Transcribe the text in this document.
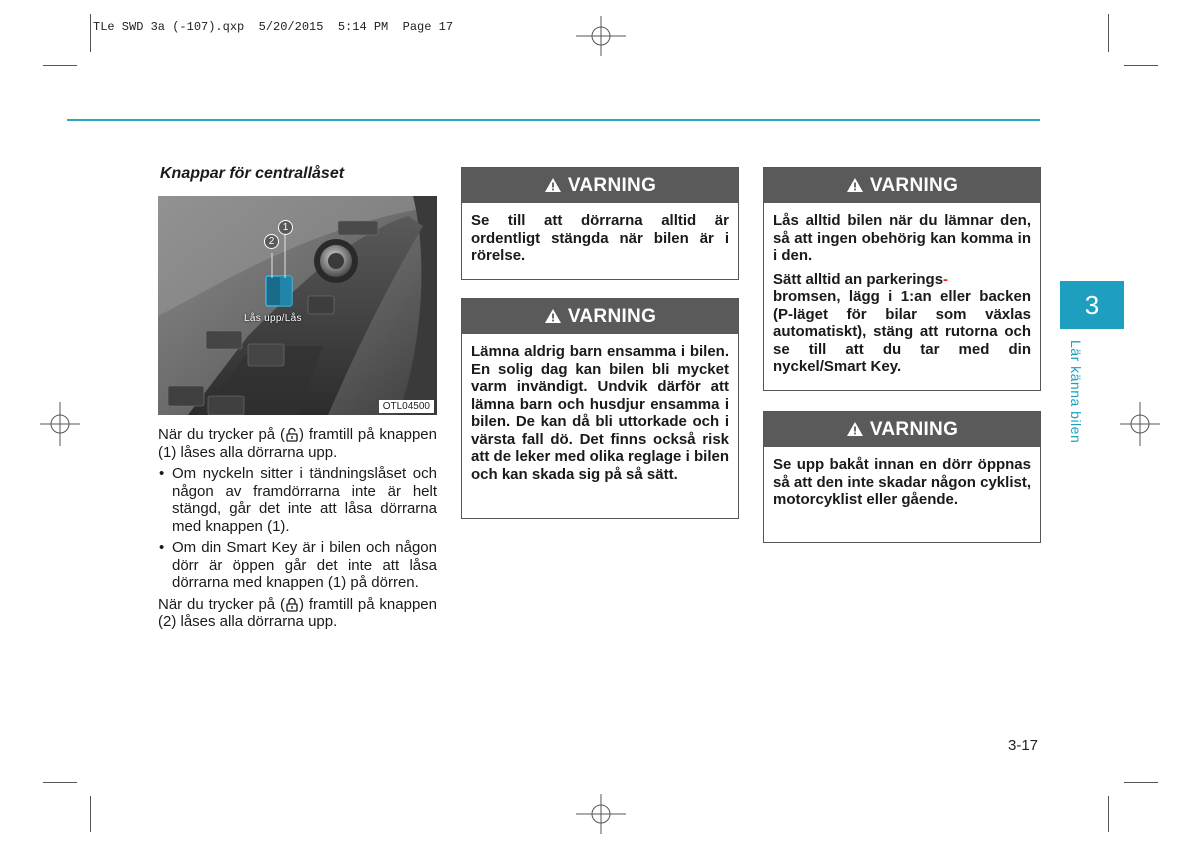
TLe SWD 3a (-107).qxp  5/20/2015  5:14 PM  Page 17
Knappar för centrallåset
1
2
Lås upp/Lås
OTL04500

När du trycker på ( ) framtill på knappen (1) låses alla dörrarna upp.

• Om nyckeln sitter i tändningslåset och någon av framdörrarna inte är helt stängd, går det inte att låsa dörrarna med knappen (1).
• Om din Smart Key är i bilen och någon dörr är öppen går det inte att låsa dörrarna med knappen (1) på dörren.

När du trycker på ( ) framtill på knappen (2) låses alla dörrarna upp.

VARNING

Se till att dörrarna alltid är ordentligt stängda när bilen är i rörelse.

VARNING

Lämna aldrig barn ensamma i bilen. En solig dag kan bilen bli mycket varm invändigt. Undvik därför att lämna barn och husdjur ensamma i bilen. De kan då bli uttorkade och i värsta fall dö. Det finns också risk att de leker med olika reglage i bilen och kan skada sig på så sätt.

VARNING

Lås alltid bilen när du lämnar den, så att ingen obehörig kan komma in i den.

Sätt alltid an parkerings-
bromsen, lägg i 1:an eller backen (P-läget för bilar som växlas automatiskt), stäng att rutorna och se till att du tar med din nyckel/Smart Key.

VARNING

Se upp bakåt innan en dörr öppnas så att den inte skadar någon cyklist, motorcyklist eller gående.

3
Lär känna bilen
3-17
